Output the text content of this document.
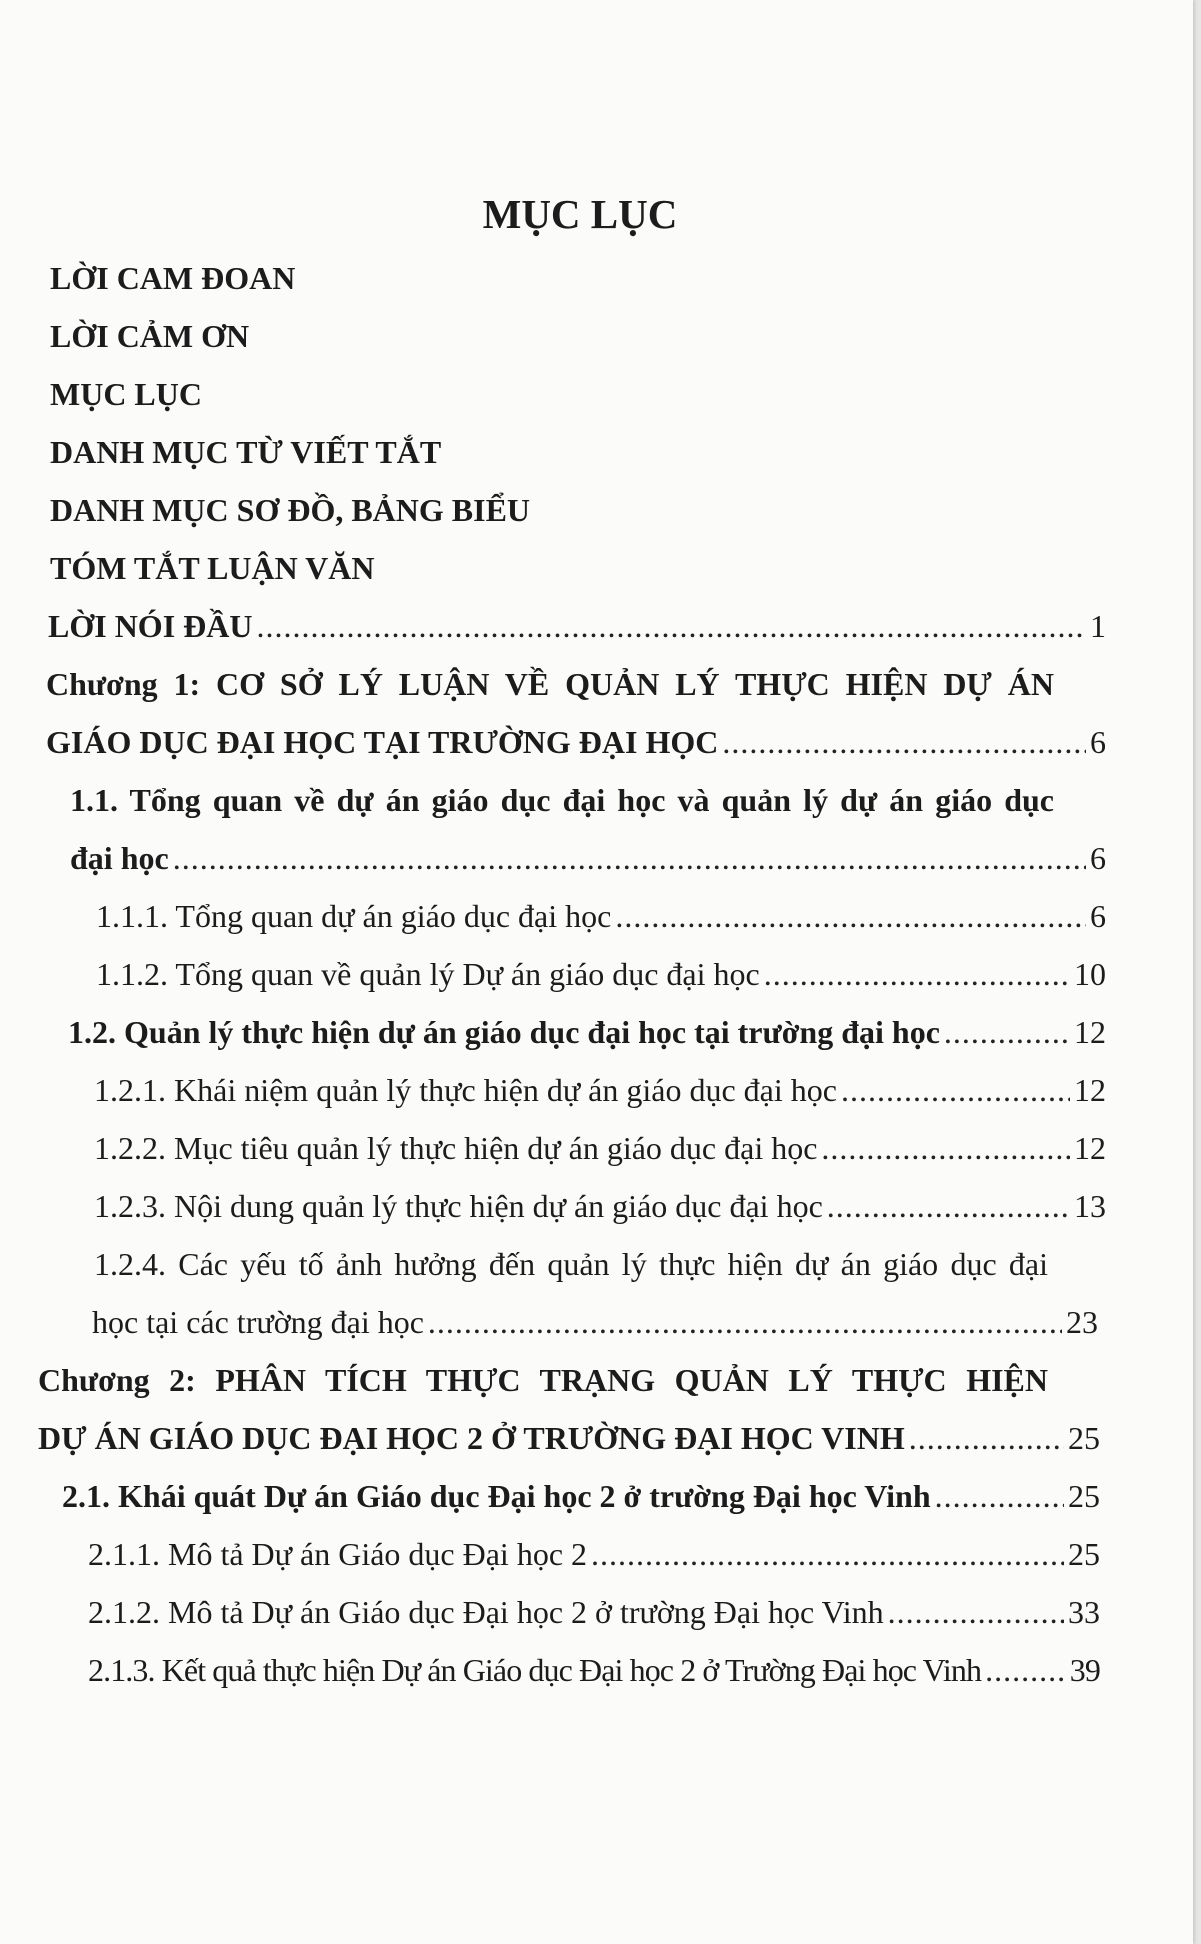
MỤC LỤC
LỜI CAM ĐOAN
LỜI CẢM ƠN
MỤC LỤC
DANH MỤC TỪ VIẾT TẮT
DANH MỤC SƠ ĐỒ, BẢNG BIỂU
TÓM TẮT LUẬN VĂN
LỜI NÓI ĐẦU .....	1
Chương 1: CƠ SỞ LÝ LUẬN VỀ QUẢN LÝ THỰC HIỆN DỰ ÁN
GIÁO DỤC ĐẠI HỌC TẠI TRƯỜNG ĐẠI HỌC .....	6
1.1. Tổng quan về dự án giáo dục đại học và quản lý dự án giáo dục
đại học .....	6
1.1.1. Tổng quan dự án giáo dục đại học .....	6
1.1.2. Tổng quan về quản lý Dự án giáo dục đại học .....	10
1.2. Quản lý thực hiện dự án giáo dục đại học tại trường đại học .....	12
1.2.1. Khái niệm quản lý thực hiện dự án giáo dục đại học .....	12
1.2.2. Mục tiêu quản lý thực hiện dự án giáo dục đại học .....	12
1.2.3. Nội dung quản lý thực hiện dự án giáo dục đại học .....	13
1.2.4. Các yếu tố ảnh hưởng đến quản lý thực hiện dự án giáo dục đại
học tại các trường đại học .....	23
Chương 2: PHÂN TÍCH THỰC TRẠNG QUẢN LÝ THỰC HIỆN
DỰ ÁN GIÁO DỤC ĐẠI HỌC 2 Ở TRƯỜNG ĐẠI HỌC VINH .....	25
2.1. Khái quát Dự án Giáo dục Đại học 2 ở trường Đại học Vinh .....	25
2.1.1. Mô tả Dự án Giáo dục Đại học 2 .....	25
2.1.2. Mô tả Dự án Giáo dục Đại học 2 ở trường Đại học Vinh .....	33
2.1.3. Kết quả thực hiện Dự án Giáo dục Đại học 2 ở Trường Đại học Vinh .....	39
